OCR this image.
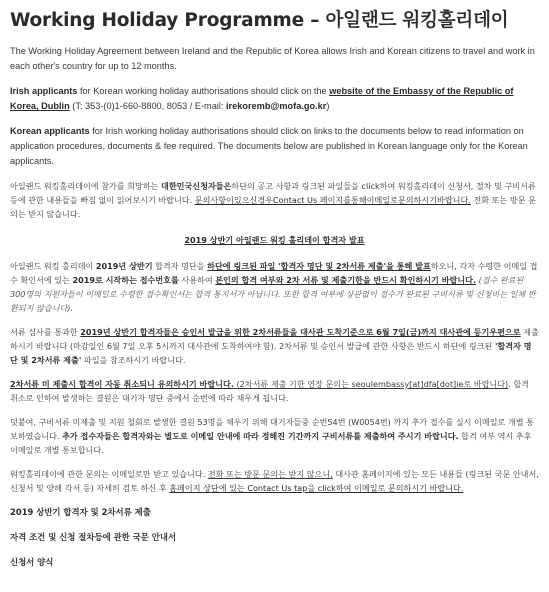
Working Holiday Programme – 아일랜드 워킹홀리데이

The Working Holiday Agreement between Ireland and the Republic of Korea allows Irish and Korean citizens to travel and work in each other's country for up to 12 months.

Irish applicants for Korean working holiday authorisations should click on the website of the Embassy of the Republic of Korea, Dublin (T: 353-(0)1-660-8800, 8053 / E-mail: irekoremb@mofa.go.kr)

Korean applicants for Irish working holiday authorisations should click on links to the documents below to read information on application procedures, documents & fee required. The documents below are published in Korean language only for the Korean applicants.

아일랜드 워킹홀리데이에 참가를 희망하는 대한민국신청자들은하단의 공고 사항과 링크된 파일들을 click하여 워킹홀리데이 신청서, 절차 및 구비서류 등에 관한 내용들을 빠짐 없이 읽어보시기 바랍니다. 문의사항이있으신경우Contact Us 페이지를통해이메일로문의하시기바랍니다. 전화 또는 방문 문의는 받지 않습니다.

2019 상반기 아일랜드 워킹 홀리데이 합격자 발표

아일랜드 워킹 홀리데이 2019년 상반기 합격자 명단을 하단에 링크된 파일 '합격자 명단 및 2차서류 제출'을 통해 발표하오니, 각자 수령한 이메일 접수 확인서에 있는 2019로 시작하는 접수번호를 사용하여 본인의 합격 여부와 2차 서류 및 제출기한을 반드시 확인하시기 바랍니다. (접수 완료된 300명의 지원자들이 이메일로 수령한 접수확인서는 합격 통지서가 아닙니다. 또한 합격 여부에 상관없이 접수가 완료된 구비서류 및 신청비는 일체 반환되지 않습니다).

서류 심사를 통과한 2019년 상반기 합격자들은 승인서 발급을 위한 2차서류들을 대사관 도착기준으로 6월 7일(금)까지 대사관에 등기우편으로 제출하시기 바랍니다 (마감일인 6월 7일 오후 5시까지 대사관에 도착하여야 함). 2차서류 및 승인서 발급에 관한 사항은 반드시 하단에 링크된 '합격자 명단 및 2차서류 제출' 파일을 참조하시기 바랍니다.

2차서류 미 제출시 합격이 자동 취소되니 유의하시기 바랍니다. (2차서류 제출 기한 연장 문의는 seoulembassy[at]dfa[dot]ie로 바랍니다). 합격 취소로 인하여 발생하는 결원은 대기자 명단 중에서 순번에 따라 채우게 됩니다.

덧붙여, 구비서류 미제출 및 지원 철회로 발생한 결원 53명을 채우기 위해 대기자들중 순번54번 (W0054번) 까지 추가 접수를 실시 이메일로 개별 통보하였습니다. 추가 접수자들은 합격자와는 별도로 이메일 안내에 따라 정해진 기간까지 구비서류를 제출하여 주시기 바랍니다. 합격 여부 역시 추후 이메일로 개별 통보합니다.

워킹홀리데이에 관한 문의는 이메일로만 받고 있습니다. 전화 또는 방문 문의는 받지 않으니, 대사관 홈페이지에 있는 모든 내용들 (링크된 국문 안내서, 신청서 및 양해 각서 등) 자세히 검토 하신 후 홈페이지 상단에 있는 Contact Us tap을 click하여 이메일로 문의하시기 바랍니다.

2019 상반기 합격자 및 2차서류 제출

자격 조건 및 신청 절차등에 관한 국문 안내서

신청서 양식
